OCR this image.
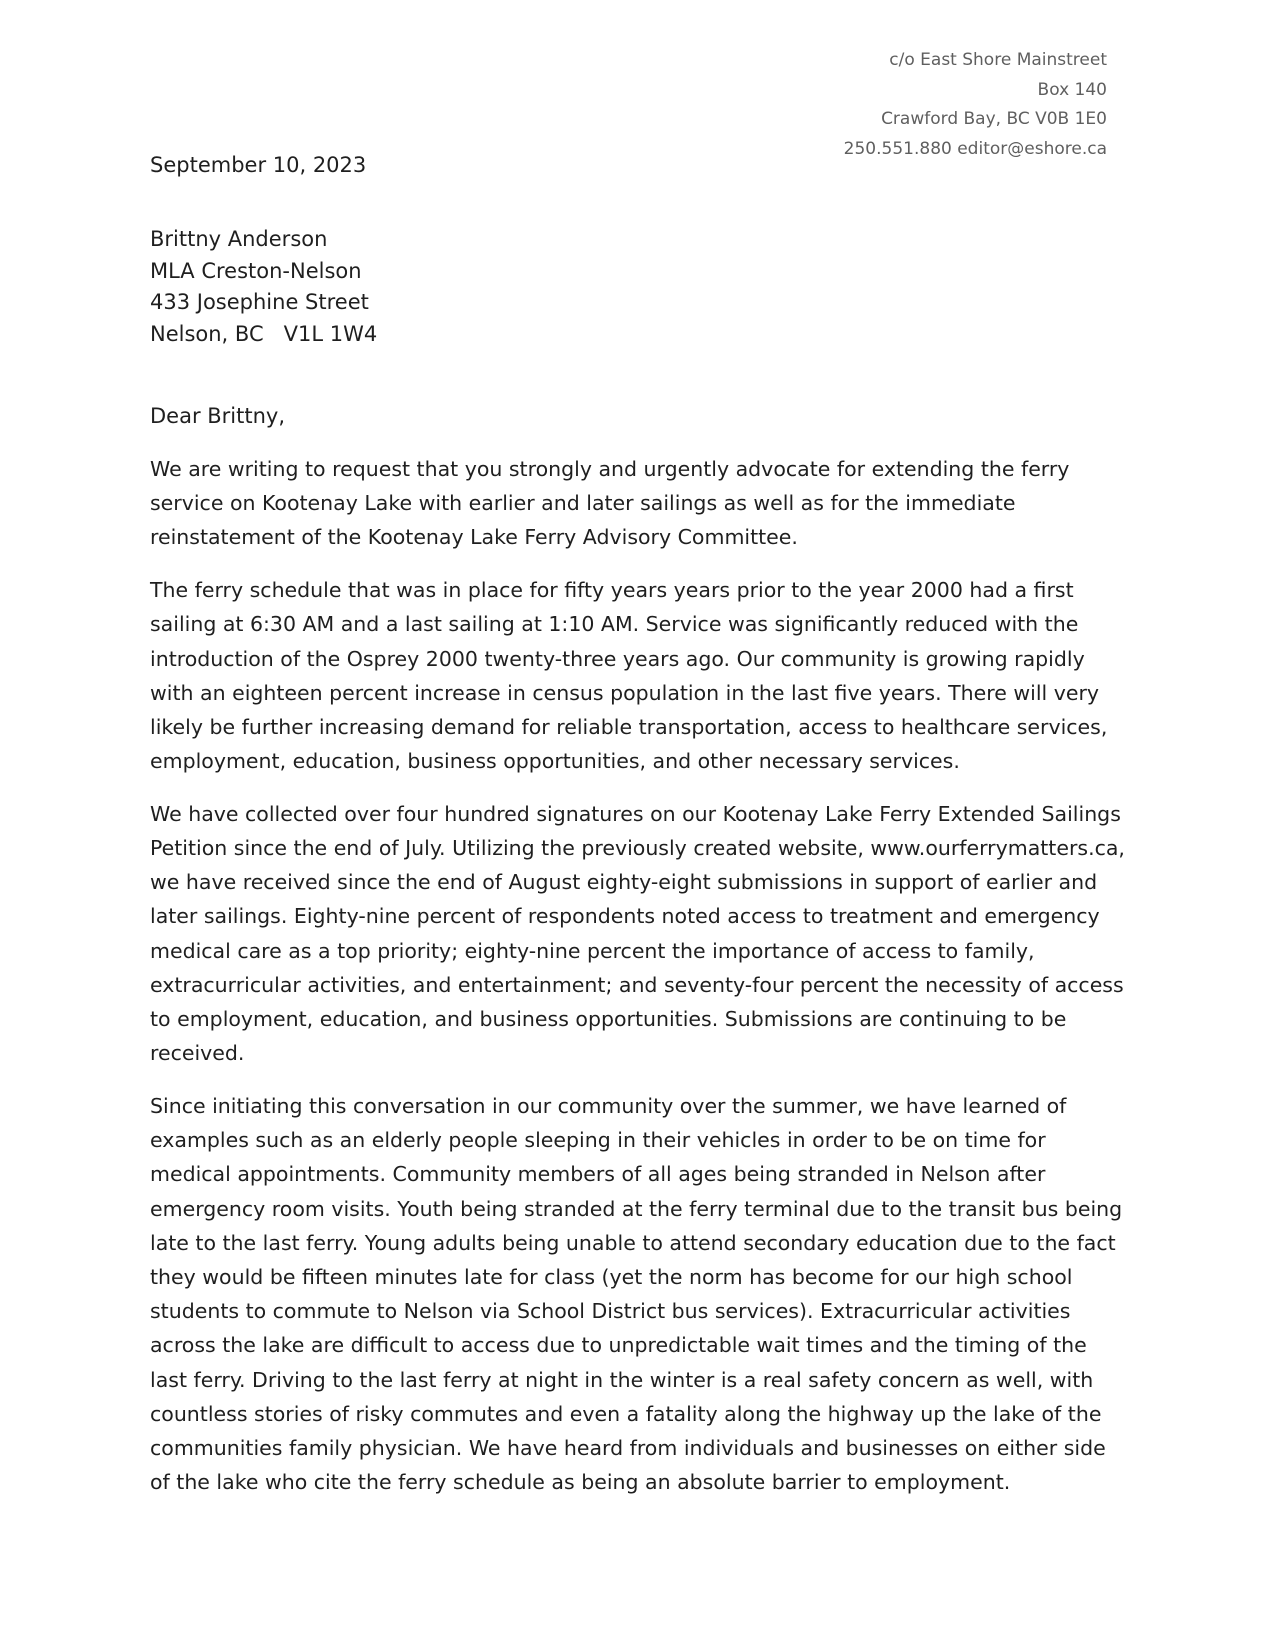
c/o East Shore Mainstreet
Box 140
Crawford Bay, BC V0B 1E0
250.551.880 editor@eshore.ca
September 10, 2023
Brittny Anderson
MLA Creston-Nelson
433 Josephine Street
Nelson, BC   V1L 1W4
Dear Brittny,

We are writing to request that you strongly and urgently advocate for extending the ferry service on Kootenay Lake with earlier and later sailings as well as for the immediate reinstatement of the Kootenay Lake Ferry Advisory Committee.

The ferry schedule that was in place for fifty years years prior to the year 2000 had a first sailing at 6:30 AM and a last sailing at 1:10 AM. Service was significantly reduced with the introduction of the Osprey 2000 twenty-three years ago. Our community is growing rapidly with an eighteen percent increase in census population in the last five years. There will very likely be further increasing demand for reliable transportation, access to healthcare services, employment, education, business opportunities, and other necessary services.

We have collected over four hundred signatures on our Kootenay Lake Ferry Extended Sailings Petition since the end of July. Utilizing the previously created website, www.ourferrymatters.ca, we have received since the end of August eighty-eight submissions in support of earlier and later sailings. Eighty-nine percent of respondents noted access to treatment and emergency medical care as a top priority; eighty-nine percent the importance of access to family, extracurricular activities, and entertainment; and seventy-four percent the necessity of access to employment, education, and business opportunities. Submissions are continuing to be received.

Since initiating this conversation in our community over the summer, we have learned of examples such as an elderly people sleeping in their vehicles in order to be on time for medical appointments. Community members of all ages being stranded in Nelson after emergency room visits. Youth being stranded at the ferry terminal due to the transit bus being late to the last ferry. Young adults being unable to attend secondary education due to the fact they would be fifteen minutes late for class (yet the norm has become for our high school students to commute to Nelson via School District bus services). Extracurricular activities across the lake are difficult to access due to unpredictable wait times and the timing of the last ferry. Driving to the last ferry at night in the winter is a real safety concern as well, with countless stories of risky commutes and even a fatality along the highway up the lake of the communities family physician. We have heard from individuals and businesses on either side of the lake who cite the ferry schedule as being an absolute barrier to employment.
